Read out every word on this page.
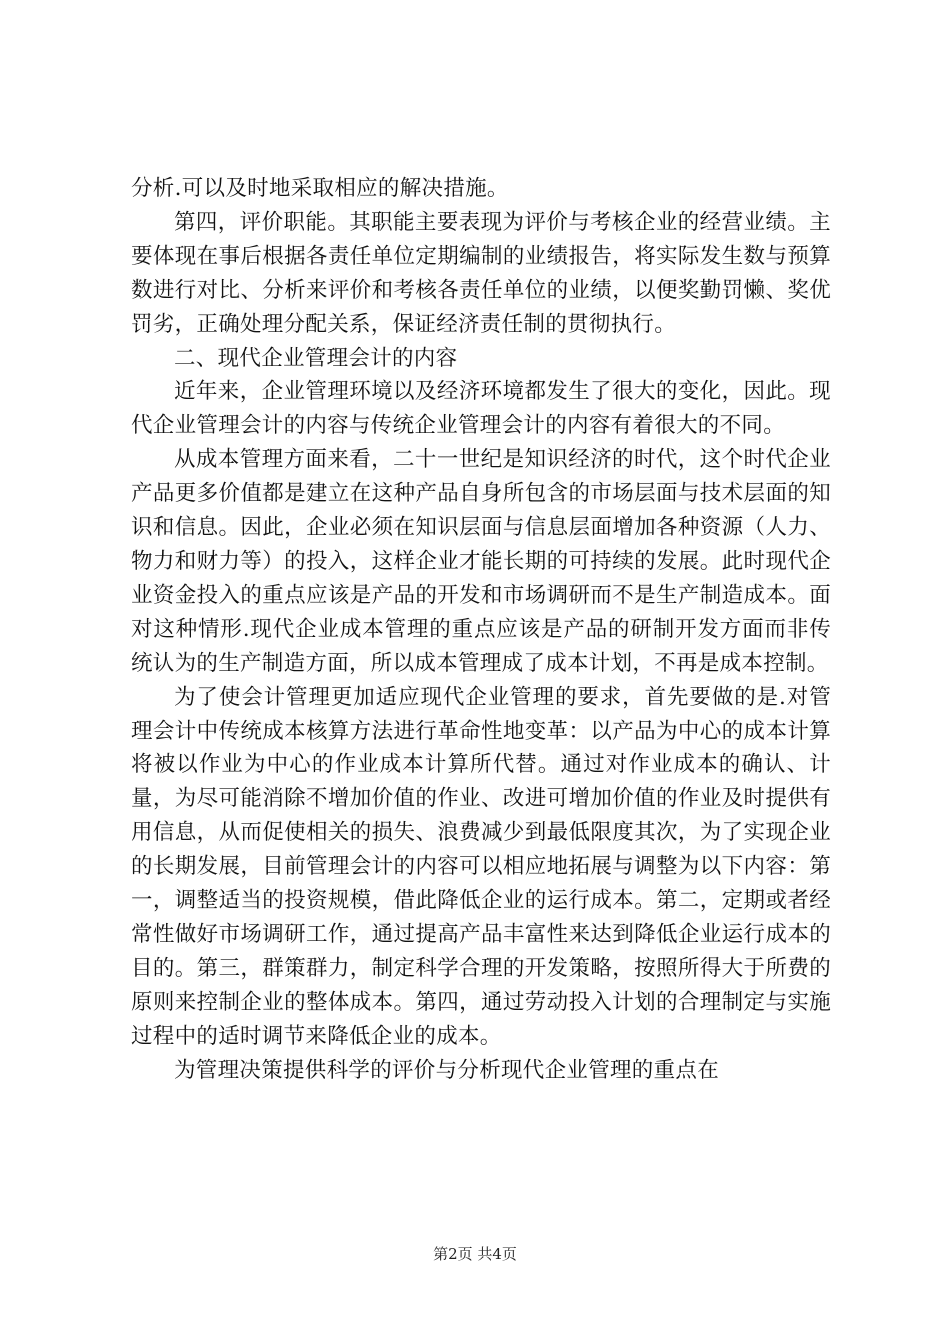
分析.可以及时地采取相应的解决措施。

第四，评价职能。其职能主要表现为评价与考核企业的经营业绩。主要体现在事后根据各责任单位定期编制的业绩报告，将实际发生数与预算数进行对比、分析来评价和考核各责任单位的业绩，以便奖勤罚懒、奖优罚劣，正确处理分配关系，保证经济责任制的贯彻执行。

二、现代企业管理会计的内容

近年来，企业管理环境以及经济环境都发生了很大的变化，因此。现代企业管理会计的内容与传统企业管理会计的内容有着很大的不同。

从成本管理方面来看，二十一世纪是知识经济的时代，这个时代企业产品更多价值都是建立在这种产品自身所包含的市场层面与技术层面的知识和信息。因此，企业必须在知识层面与信息层面增加各种资源（人力、物力和财力等）的投入，这样企业才能长期的可持续的发展。此时现代企业资金投入的重点应该是产品的开发和市场调研而不是生产制造成本。面对这种情形.现代企业成本管理的重点应该是产品的研制开发方面而非传统认为的生产制造方面，所以成本管理成了成本计划，不再是成本控制。

为了使会计管理更加适应现代企业管理的要求，首先要做的是.对管理会计中传统成本核算方法进行革命性地变革：以产品为中心的成本计算将被以作业为中心的作业成本计算所代替。通过对作业成本的确认、计量，为尽可能消除不增加价值的作业、改进可增加价值的作业及时提供有用信息，从而促使相关的损失、浪费减少到最低限度其次，为了实现企业的长期发展，目前管理会计的内容可以相应地拓展与调整为以下内容：第一，调整适当的投资规模，借此降低企业的运行成本。第二，定期或者经常性做好市场调研工作，通过提高产品丰富性来达到降低企业运行成本的目的。第三，群策群力，制定科学合理的开发策略，按照所得大于所费的原则来控制企业的整体成本。第四，通过劳动投入计划的合理制定与实施过程中的适时调节来降低企业的成本。

为管理决策提供科学的评价与分析现代企业管理的重点在

第2页 共4页
